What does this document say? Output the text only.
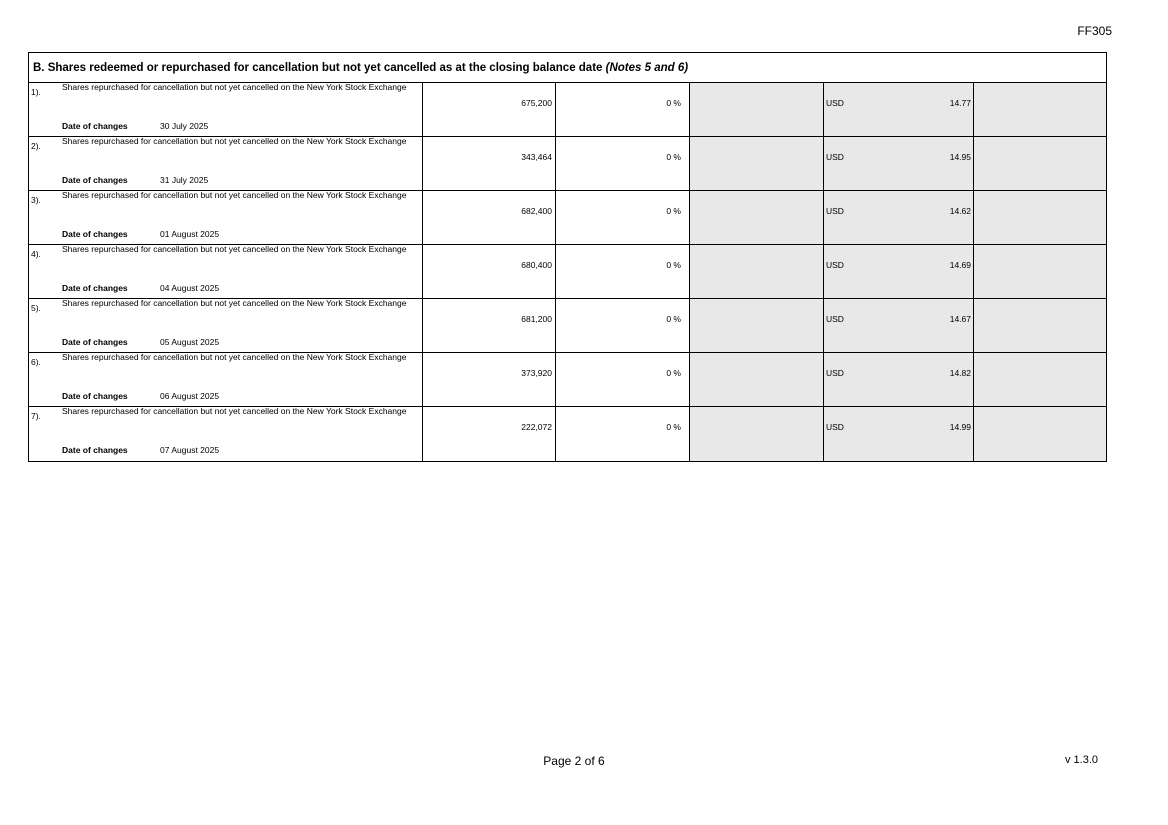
FF305
B. Shares redeemed or repurchased for cancellation but not yet cancelled as at the closing balance date (Notes 5 and 6)
1). Shares repurchased for cancellation but not yet cancelled on the New York Stock Exchange
Date of changes	30 July 2025
675,200	0 %	USD	14.77
2). Shares repurchased for cancellation but not yet cancelled on the New York Stock Exchange
Date of changes	31 July 2025
343,464	0 %	USD	14.95
3). Shares repurchased for cancellation but not yet cancelled on the New York Stock Exchange
Date of changes	01 August 2025
682,400	0 %	USD	14.62
4). Shares repurchased for cancellation but not yet cancelled on the New York Stock Exchange
Date of changes	04 August 2025
680,400	0 %	USD	14.69
5). Shares repurchased for cancellation but not yet cancelled on the New York Stock Exchange
Date of changes	05 August 2025
681,200	0 %	USD	14.67
6). Shares repurchased for cancellation but not yet cancelled on the New York Stock Exchange
Date of changes	06 August 2025
373,920	0 %	USD	14.82
7). Shares repurchased for cancellation but not yet cancelled on the New York Stock Exchange
Date of changes	07 August 2025
222,072	0 %	USD	14.99
Page 2 of 6	v 1.3.0
